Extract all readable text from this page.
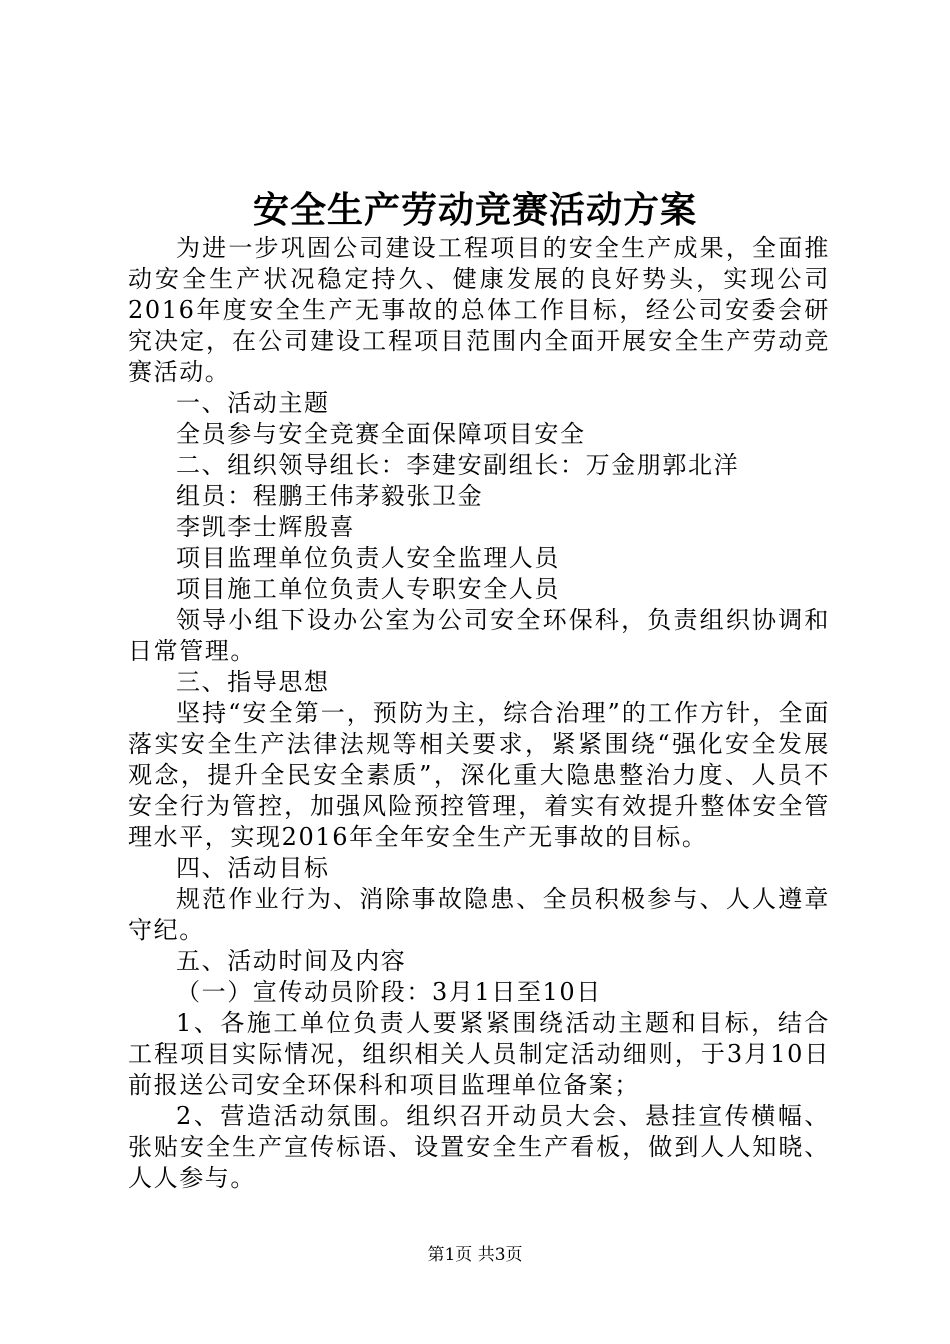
安全生产劳动竞赛活动方案

为进一步巩固公司建设工程项目的安全生产成果，全面推动安全生产状况稳定持久、健康发展的良好势头，实现公司2016年度安全生产无事故的总体工作目标，经公司安委会研究决定，在公司建设工程项目范围内全面开展安全生产劳动竞赛活动。

一、活动主题

全员参与安全竞赛全面保障项目安全

二、组织领导组长：李建安副组长：万金朋郭北洋

组员：程鹏王伟茅毅张卫金

李凯李士辉殷喜

项目监理单位负责人安全监理人员

项目施工单位负责人专职安全人员

领导小组下设办公室为公司安全环保科，负责组织协调和日常管理。

三、指导思想

坚持“安全第一，预防为主，综合治理”的工作方针，全面落实安全生产法律法规等相关要求，紧紧围绕“强化安全发展观念，提升全民安全素质”，深化重大隐患整治力度、人员不安全行为管控，加强风险预控管理，着实有效提升整体安全管理水平，实现2016年全年安全生产无事故的目标。

四、活动目标

规范作业行为、消除事故隐患、全员积极参与、人人遵章守纪。

五、活动时间及内容

（一）宣传动员阶段：3月1日至10日

1、各施工单位负责人要紧紧围绕活动主题和目标，结合工程项目实际情况，组织相关人员制定活动细则，于3月10日前报送公司安全环保科和项目监理单位备案；

2、营造活动氛围。组织召开动员大会、悬挂宣传横幅、张贴安全生产宣传标语、设置安全生产看板，做到人人知晓、人人参与。

第1页 共3页
